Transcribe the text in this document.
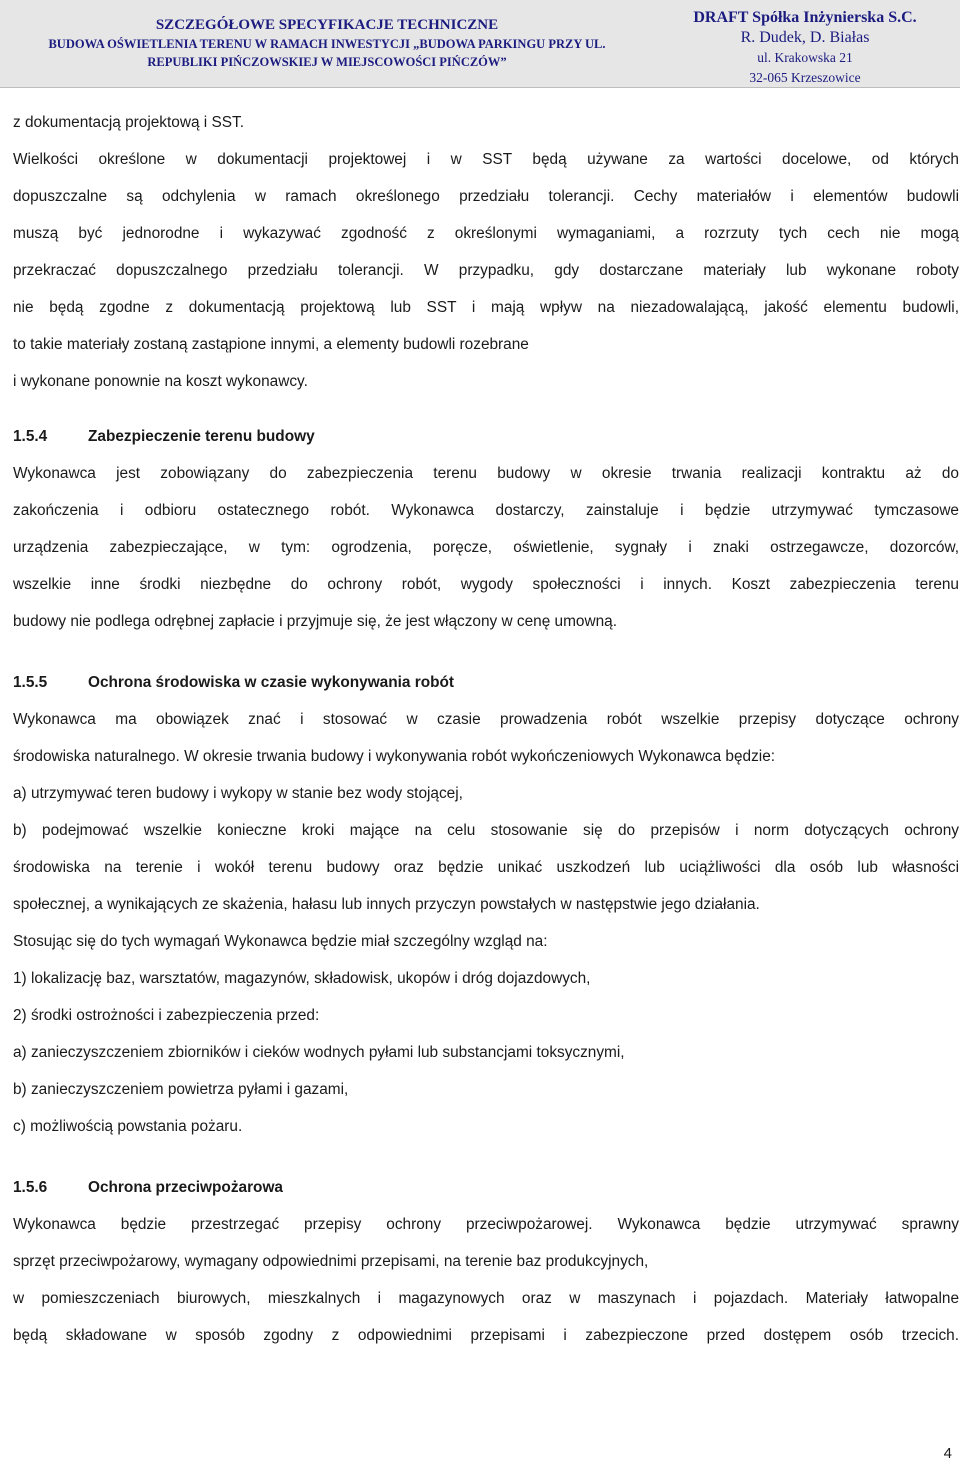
SZCZEGÓŁOWE SPECYFIKACJE TECHNICZNE
BUDOWA OŚWIETLENIA TERENU W RAMACH INWESTYCJI „BUDOWA PARKINGU PRZY UL.
REPUBLIKI PIŃCZOWSKIEJ W MIEJSCOWOŚCI PIŃCZÓW”
DRAFT Spółka Inżynierska S.C.
R. Dudek, D. Białas
ul. Krakowska 21
32-065 Krzeszowice

z dokumentacją projektową i SST.

Wielkości określone w dokumentacji projektowej i w SST będą używane za wartości docelowe, od których

dopuszczalne są odchylenia w ramach określonego przedziału tolerancji. Cechy materiałów i elementów budowli

muszą być jednorodne i wykazywać zgodność z określonymi wymaganiami, a rozrzuty tych cech nie mogą

przekraczać dopuszczalnego przedziału tolerancji. W przypadku, gdy dostarczane materiały lub wykonane roboty

nie będą zgodne z dokumentacją projektową lub SST i mają wpływ na niezadowalającą, jakość elementu budowli,

to takie materiały zostaną zastąpione innymi, a elementy budowli rozebrane

i wykonane ponownie na koszt wykonawcy.

1.5.4	Zabezpieczenie terenu budowy

Wykonawca jest zobowiązany do zabezpieczenia terenu budowy w okresie trwania realizacji kontraktu aż do

zakończenia i odbioru ostatecznego robót. Wykonawca dostarczy, zainstaluje i będzie utrzymywać tymczasowe

urządzenia zabezpieczające, w tym: ogrodzenia, poręcze, oświetlenie, sygnały i znaki ostrzegawcze, dozorców,

wszelkie inne środki niezbędne do ochrony robót, wygody społeczności i innych. Koszt zabezpieczenia terenu

budowy nie podlega odrębnej zapłacie i przyjmuje się, że jest włączony w cenę umowną.

1.5.5	Ochrona środowiska w czasie wykonywania robót

Wykonawca ma obowiązek znać i stosować w czasie prowadzenia robót wszelkie przepisy dotyczące ochrony

środowiska naturalnego. W okresie trwania budowy i wykonywania robót wykończeniowych Wykonawca będzie:

a) utrzymywać teren budowy i wykopy w stanie bez wody stojącej,

b) podejmować wszelkie konieczne kroki mające na celu stosowanie się do przepisów i norm dotyczących ochrony

środowiska na terenie i wokół terenu budowy oraz będzie unikać uszkodzeń lub uciążliwości dla osób lub własności

społecznej, a wynikających ze skażenia, hałasu lub innych przyczyn powstałych w następstwie jego działania.

Stosując się do tych wymagań Wykonawca będzie miał szczególny wzgląd na:

1) lokalizację baz, warsztatów, magazynów, składowisk, ukopów i dróg dojazdowych,

2) środki ostrożności i zabezpieczenia przed:

a) zanieczyszczeniem zbiorników i cieków wodnych pyłami lub substancjami toksycznymi,

b) zanieczyszczeniem powietrza pyłami i gazami,

c) możliwością powstania pożaru.

1.5.6	Ochrona przeciwpożarowa

Wykonawca będzie przestrzegać przepisy ochrony przeciwpożarowej. Wykonawca będzie utrzymywać sprawny

sprzęt przeciwpożarowy, wymagany odpowiednimi przepisami, na terenie baz produkcyjnych,

w pomieszczeniach biurowych, mieszkalnych i magazynowych oraz w maszynach i pojazdach. Materiały łatwopalne

będą składowane w sposób zgodny z odpowiednimi przepisami i zabezpieczone przed dostępem osób trzecich.

4
